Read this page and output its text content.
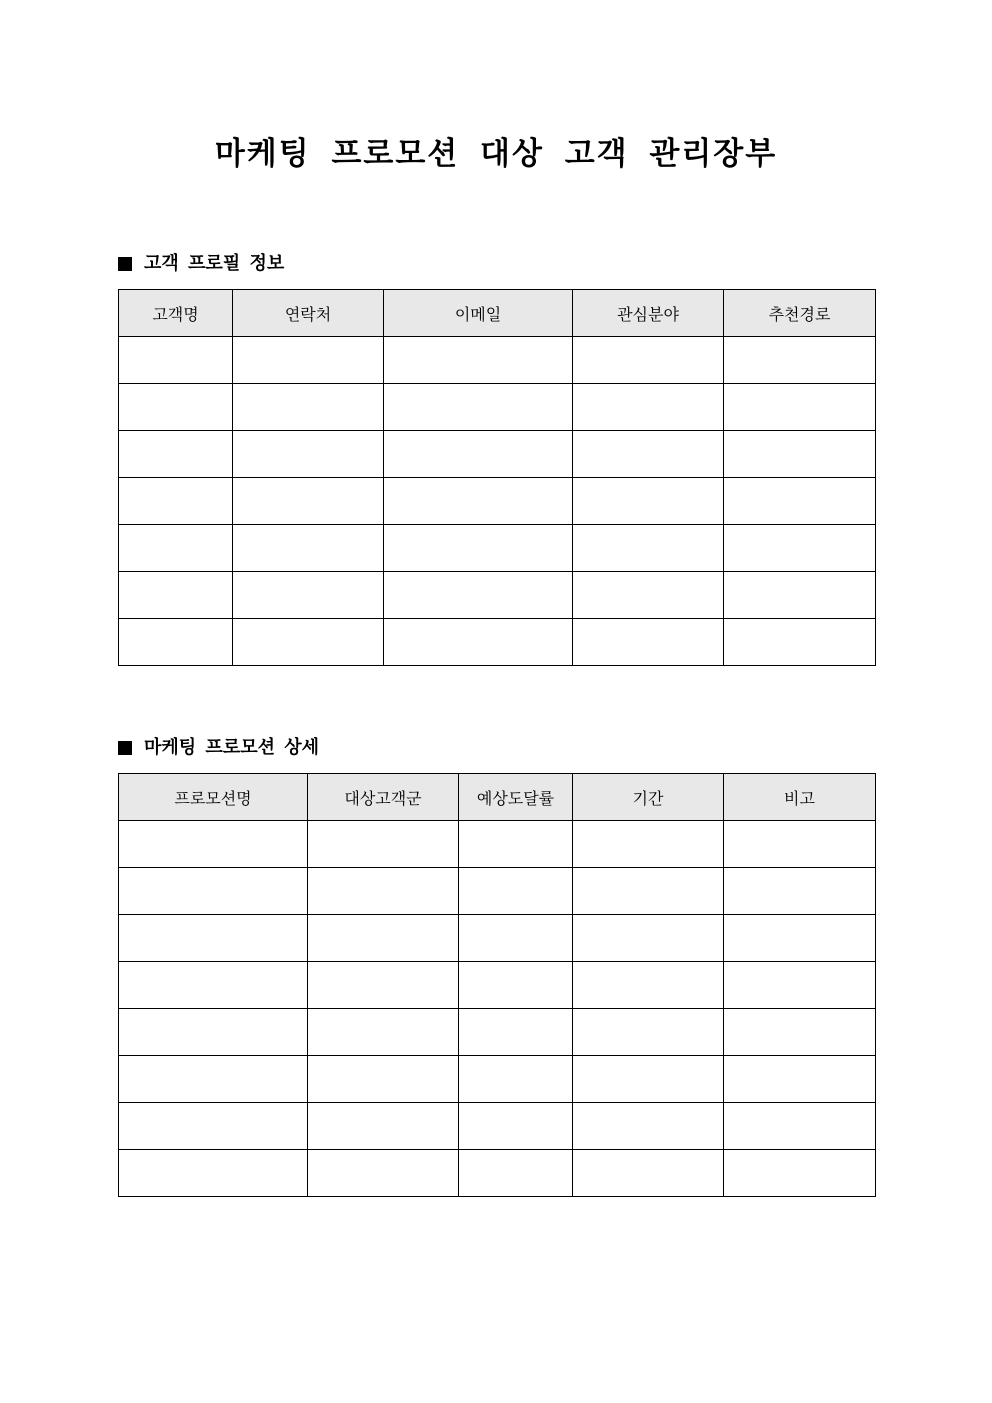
마케팅 프로모션 대상 고객 관리장부
고객 프로필 정보
고객명	연락처	이메일	관심분야	추천경로

마케팅 프로모션 상세
프로모션명	대상고객군	예상도달률	기간	비고
